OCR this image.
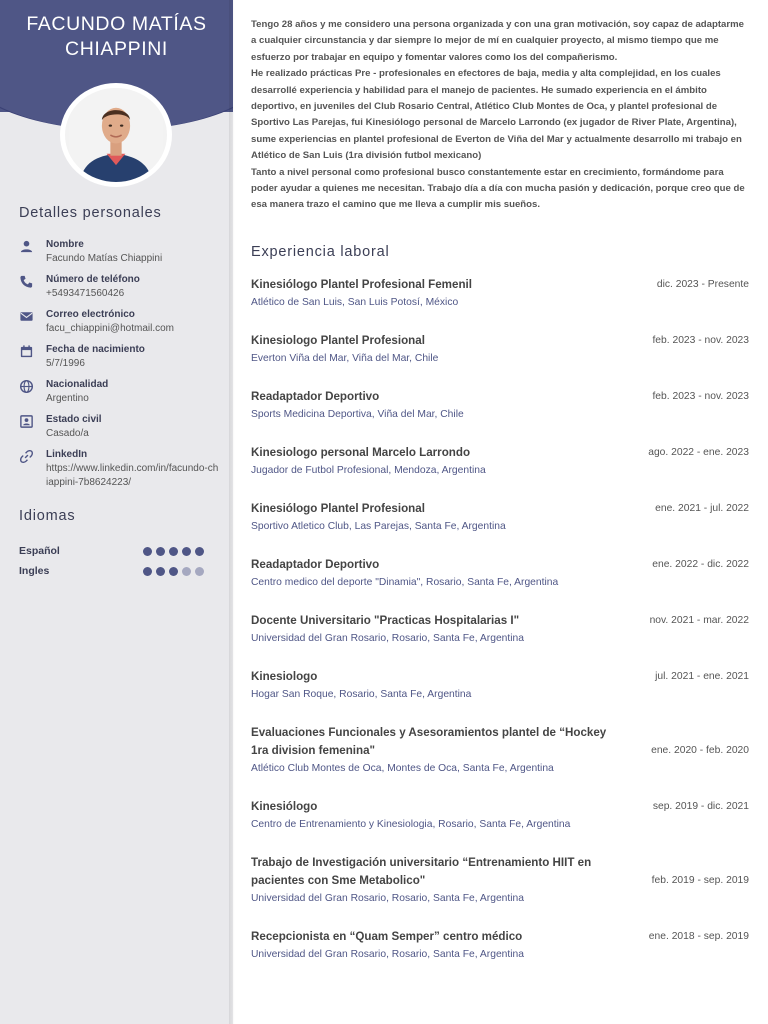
FACUNDO MATÍAS
CHIAPPINI
Detalles personales
Nombre
Facundo Matías Chiappini
Número de teléfono
+5493471560426
Correo electrónico
facu_chiappini@hotmail.com
Fecha de nacimiento
5/7/1996
Nacionalidad
Argentino
Estado civil
Casado/a
LinkedIn
https://www.linkedin.com/in/facundo-chiappini-7b8624223/
Idiomas
Español
Ingles

Tengo 28 años y me considero una persona organizada y con una gran motivación, soy capaz de adaptarme a cualquier circunstancia y dar siempre lo mejor de mí en cualquier proyecto, al mismo tiempo que me esfuerzo por trabajar en equipo y fomentar valores como los del compañerismo.

He realizado prácticas Pre - profesionales en efectores de baja, media y alta complejidad, en los cuales desarrollé experiencia y habilidad para el manejo de pacientes. He sumado experiencia en el ámbito deportivo, en juveniles del Club Rosario Central, Atlético Club Montes de Oca, y plantel profesional de Sportivo Las Parejas, fui Kinesiólogo personal de Marcelo Larrondo (ex jugador de River Plate, Argentina), sume experiencias en plantel profesional de Everton de Viña del Mar y actualmente desarrollo mi trabajo en Atlético de San Luis (1ra división futbol mexicano)

Tanto a nivel personal como profesional busco constantemente estar en crecimiento, formándome para poder ayudar a quienes me necesitan. Trabajo día a día con mucha pasión y dedicación, porque creo que de esa manera trazo el camino que me lleva a cumplir mis sueños.

Experiencia laboral
Kinesiólogo Plantel Profesional Femenil
Atlético de San Luis, San Luis Potosí, México
dic. 2023 - Presente
Kinesiologo Plantel Profesional
Everton Viña del Mar, Viña del Mar, Chile
feb. 2023 - nov. 2023
Readaptador Deportivo
Sports Medicina Deportiva, Viña del Mar, Chile
feb. 2023 - nov. 2023
Kinesiologo personal Marcelo Larrondo
Jugador de Futbol Profesional, Mendoza, Argentina
ago. 2022 - ene. 2023
Kinesiólogo Plantel Profesional
Sportivo Atletico Club, Las Parejas, Santa Fe, Argentina
ene. 2021 - jul. 2022
Readaptador Deportivo
Centro medico del deporte "Dinamia", Rosario, Santa Fe, Argentina
ene. 2022 - dic. 2022
Docente Universitario "Practicas Hospitalarias I"
Universidad del Gran Rosario, Rosario, Santa Fe, Argentina
nov. 2021 - mar. 2022
Kinesiologo
Hogar San Roque, Rosario, Santa Fe, Argentina
jul. 2021 - ene. 2021
Evaluaciones Funcionales y Asesoramientos plantel de “Hockey 1ra division femenina"
Atlético Club Montes de Oca, Montes de Oca, Santa Fe, Argentina
ene. 2020 - feb. 2020
Kinesiólogo
Centro de Entrenamiento y Kinesiologia, Rosario, Santa Fe, Argentina
sep. 2019 - dic. 2021
Trabajo de Investigación universitario “Entrenamiento HIIT en pacientes con Sme Metabolico"
Universidad del Gran Rosario, Rosario, Santa Fe, Argentina
feb. 2019 - sep. 2019
Recepcionista en “Quam Semper” centro médico
Universidad del Gran Rosario, Rosario, Santa Fe, Argentina
ene. 2018 - sep. 2019
